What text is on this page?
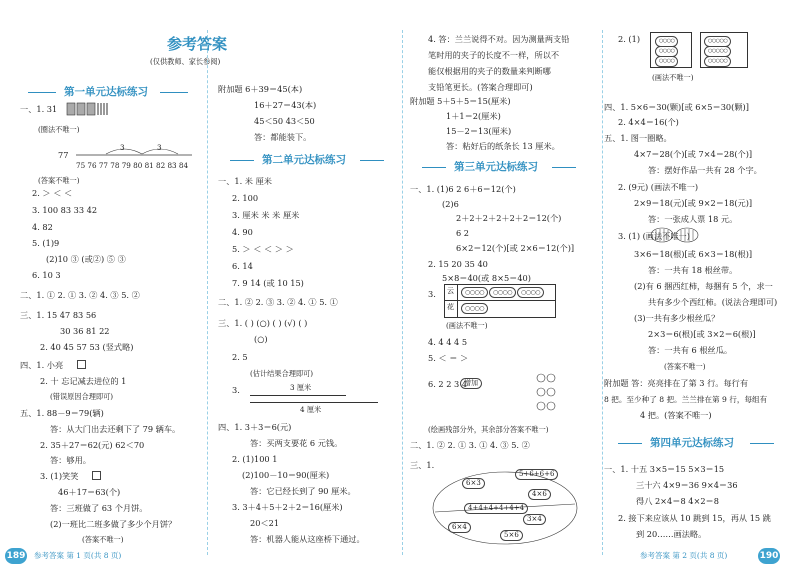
参考答案
(仅供教师、家长参阅)
第一单元达标练习
一、1. 31
(圈法不唯一)
77
3	3
75 76 77 78 79 80 81 82 83 84
(答案不唯一)
2. ＞ ＜ ＜
3. 100 83 33 42
4. 82
5. (1)9
(2)10 ③ (或②) ⑤ ③
6. 10 3
二、1. ① 2. ① 3. ② 4. ③ 5. ②
三、1. 15 47 83 56
30 36 81 22
2. 40 45 57 53 (竖式略)
四、1. 小亮
2. 十 忘记减去进位的 1
(错误原因合理即可)
五、1. 88－9＝79(辆)
答：从大门出去还剩下了 79 辆车。
2. 35＋27＝62(元) 62＜70
答：够用。
3. (1)笑笑
46＋17＝63(个)
答：三班做了 63 个月饼。
(2)一班比二班多做了多少个月饼？
(答案不唯一)
附加题 6＋39＝45(本)
16＋27＝43(本)
45＜50 43＜50
答：都能装下。
第二单元达标练习
一、1. 米 厘米
2. 100
3. 厘米 米 米 厘米
4. 90
5. ＞ ＜ ＜ ＞ ＞
6. 14
7. 9 14 (或 10 15)
二、1. ② 2. ③ 3. ② 4. ① 5. ①
三、1. ( ) (○) ( ) (√) ( )
(○)
2. 5
(估计结果合理即可)
3.	3 厘米
4 厘米
四、1. 3＋3＝6(元)
答：买两支要花 6 元钱。
2. (1)100 1
(2)100－10＝90(厘米)
答：它已经长到了 90 厘米。
3. 3＋4＋5＋2＋2＝16(厘米)
20＜21
答：机器人能从这座桥下通过。
4. 答：兰兰说得不对。因为测量两支铅
笔时用的夹子的长度不一样，所以不
能仅根据用的夹子的数量来判断哪
支铅笔更长。(答案合理即可)
附加题 5＋5＋5＝15(厘米)
1＋1＝2(厘米)
15－2＝13(厘米)
答：粘好后的纸条长 13 厘米。
第三单元达标练习
一、1. (1)6 2 6＋6＝12(个)
(2)6
2＋2＋2＋2＋2＋2＝12(个)
6 2
6×2＝12(个)[或 2×6＝12(个)]
2. 15 20 35 40
5×8＝40(或 8×5＝40)
3. 云
花
○○○○	○○○○	○○○○
○○○○
(画法不唯一)
4. 4 4 4 5
5. ＜ ＝ ＞
6. 2 2 3 4
增加
(绘画残部分外，其余部分答案不唯一)
二、1. ② 2. ① 3. ① 4. ③ 5. ②
三、1.
5+6+6+6
6×3
4×6
4+4+4+4+4+4
6×4
3×4
5×6
2. (1)	○○○○
○○○○
○○○○
○○○○○
○○○○○
○○○○○
(画法不唯一)
四、1. 5×6＝30(颗)[或 6×5＝30(颗)]
2. 4×4＝16(个)
五、1. 图一圈略。
4×7＝28(个)[或 7×4＝28(个)]
答：摆好作品一共有 28 个字。
2. (9元) (画法不唯一)
2×9＝18(元)[或 9×2＝18(元)]
答：一张成人票 18 元。
3. (1) (画法不唯一)
3×6＝18(根)[或 6×3＝18(根)]
答：一共有 18 根丝带。
(2)有 6 捆西红柿，每捆有 5 个，求一
共有多少个西红柿。(说法合理即可)
(3)一共有多少根丝瓜？
2×3＝6(根)[或 3×2＝6(根)]
答：一共有 6 根丝瓜。
(答案不唯一)
附加题 答：亮亮排在了第 3 行。每行有
8 把。至少种了 8 把。兰兰排在第 9 行，每组有
4 把。(答案不唯一)
第四单元达标练习
一、1. 十五 3×5＝15 5×3＝15
三十六 4×9＝36 9×4＝36
得八 2×4＝8 4×2＝8
2. 接下来应该从 10 跳到 15，再从 15 跳
到 20……画法略。
189 参考答案 第 1 页(共 8 页)	参考答案 第 2 页(共 8 页)	190
